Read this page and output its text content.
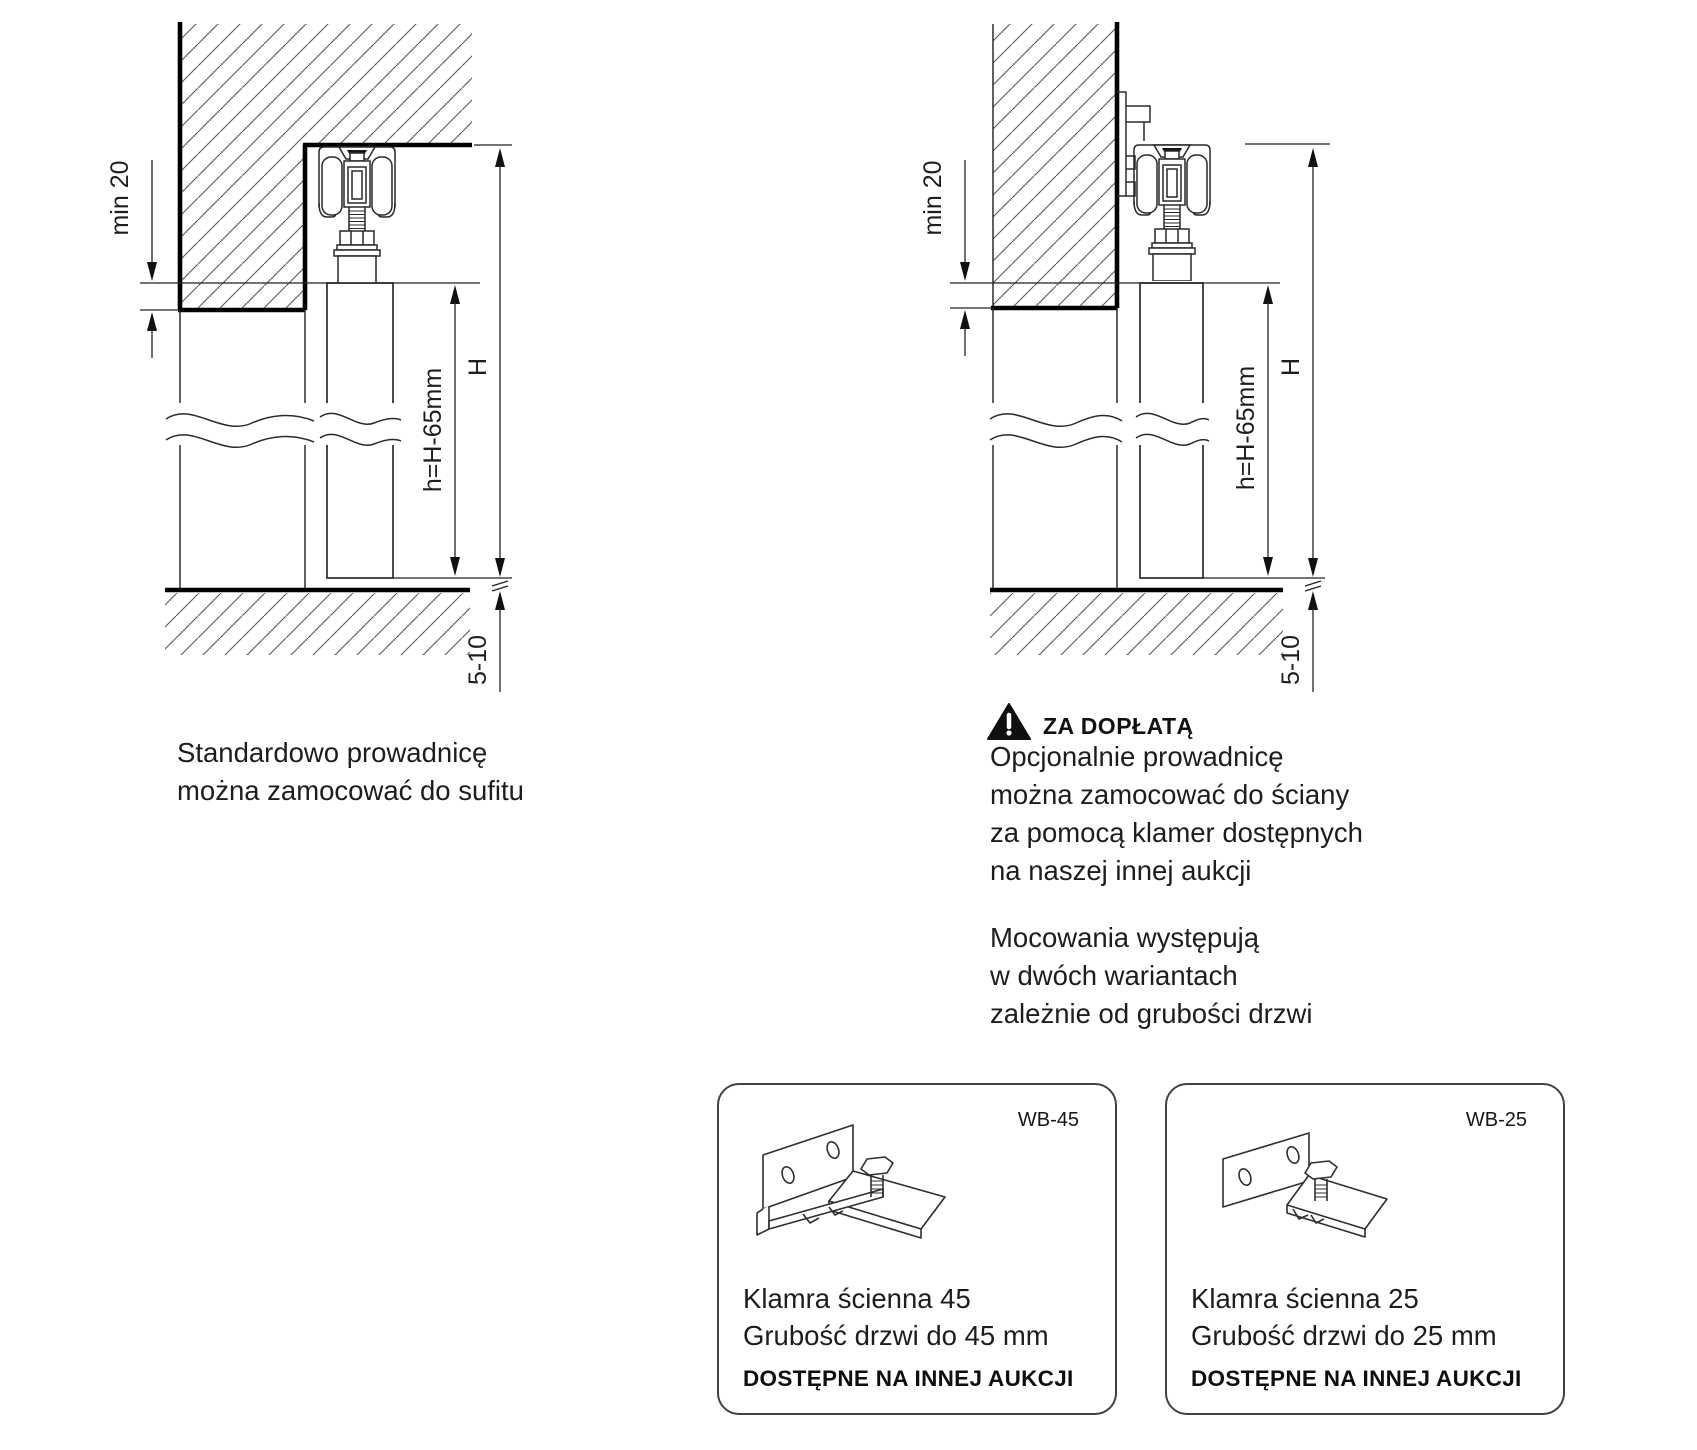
min 20
h=H-65mm
H
5-10
min 20
h=H-65mm H
5-10
Standardowo prowadnicę
można zamocować do sufitu
ZA DOPŁATĄ
Opcjonalnie prowadnicę
można zamocować do ściany
za pomocą klamer dostępnych
na naszej innej aukcji
Mocowania występują
w dwóch wariantach
zależnie od grubości drzwi
WB-45
Klamra ścienna 45
Grubość drzwi do 45 mm
DOSTĘPNE NA INNEJ AUKCJI
WB-25
Klamra ścienna 25
Grubość drzwi do 25 mm
DOSTĘPNE NA INNEJ AUKCJI
